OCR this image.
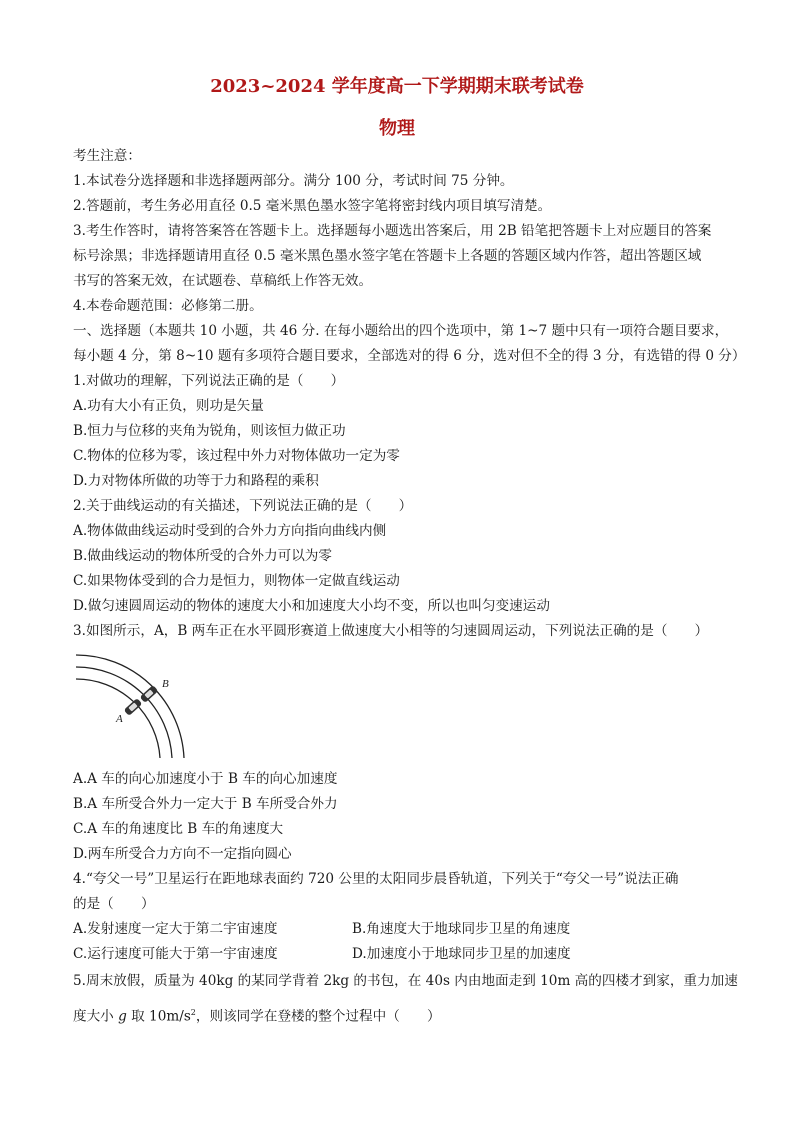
2023~2024 学年度高一下学期期末联考试卷
物理
考生注意：
1.本试卷分选择题和非选择题两部分。满分 100 分，考试时间 75 分钟。
2.答题前，考生务必用直径 0.5 毫米黑色墨水签字笔将密封线内项目填写清楚。
3.考生作答时，请将答案答在答题卡上。选择题每小题选出答案后，用 2B 铅笔把答题卡上对应题目的答案
标号涂黑；非选择题请用直径 0.5 毫米黑色墨水签字笔在答题卡上各题的答题区域内作答，超出答题区域
书写的答案无效，在试题卷、草稿纸上作答无效。
4.本卷命题范围：必修第二册。
一、选择题（本题共 10 小题，共 46 分. 在每小题给出的四个选项中，第 1~7 题中只有一项符合题目要求，
每小题 4 分，第 8~10 题有多项符合题目要求，全部选对的得 6 分，选对但不全的得 3 分，有选错的得 0 分）
1.对做功的理解，下列说法正确的是（　　）
A.功有大小有正负，则功是矢量
B.恒力与位移的夹角为锐角，则该恒力做正功
C.物体的位移为零，该过程中外力对物体做功一定为零
D.力对物体所做的功等于力和路程的乘积
2.关于曲线运动的有关描述，下列说法正确的是（　　）
A.物体做曲线运动时受到的合外力方向指向曲线内侧
B.做曲线运动的物体所受的合外力可以为零
C.如果物体受到的合力是恒力，则物体一定做直线运动
D.做匀速圆周运动的物体的速度大小和加速度大小均不变，所以也叫匀变速运动
3.如图所示，A，B 两车正在水平圆形赛道上做速度大小相等的匀速圆周运动，下列说法正确的是（　　）
B
A
A.A 车的向心加速度小于 B 车的向心加速度
B.A 车所受合外力一定大于 B 车所受合外力
C.A 车的角速度比 B 车的角速度大
D.两车所受合力方向不一定指向圆心
4.“夸父一号”卫星运行在距地球表面约 720 公里的太阳同步晨昏轨道，下列关于“夸父一号”说法正确
的是（　　）
A.发射速度一定大于第二宇宙速度	B.角速度大于地球同步卫星的角速度
C.运行速度可能大于第一宇宙速度	D.加速度小于地球同步卫星的加速度
5.周末放假，质量为 40kg 的某同学背着 2kg 的书包，在 40s 内由地面走到 10m 高的四楼才到家，重力加速
度大小 g 取 $10m/s^2$，则该同学在登楼的整个过程中（　　）
